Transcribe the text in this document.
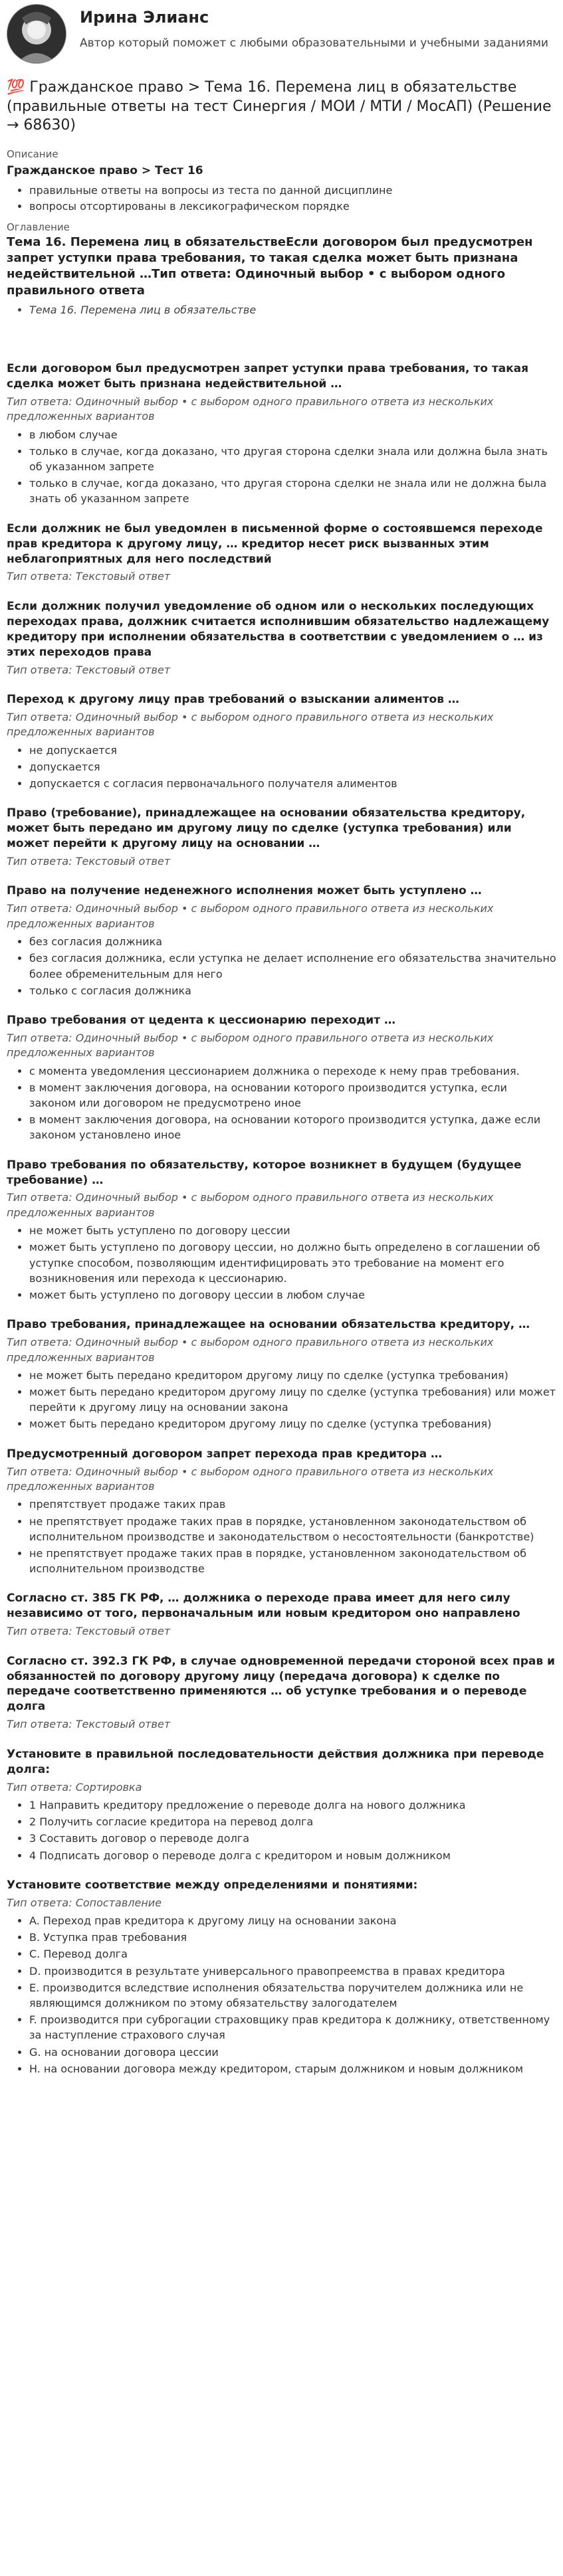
Ирина Элианс
Автор который поможет с любыми образовательными и учебными заданиями
💯 Гражданское право > Тема 16. Перемена лиц в обязательстве (правильные ответы на тест Синергия / МОИ / МТИ / МосАП) (Решение → 68630)

Описание

Гражданское право > Тест 16
• правильные ответы на вопросы из теста по данной дисциплине
• вопросы отсортированы в лексикографическом порядке

Оглавление

Тема 16. Перемена лиц в обязательствеЕсли договором был предусмотрен запрет уступки права требования, то такая сделка может быть признана недействительной …Тип ответа: Одиночный выбор • с выбором одного правильного ответа
• Тема 16. Перемена лиц в обязательстве
Если договором был предусмотрен запрет уступки права требования, то такая сделка может быть признана недействительной …
Тип ответа: Одиночный выбор • с выбором одного правильного ответа из нескольких предложенных вариантов
• в любом случае
• только в случае, когда доказано, что другая сторона сделки знала или должна была знать об указанном запрете
• только в случае, когда доказано, что другая сторона сделки не знала или не должна была знать об указанном запрете
Если должник не был уведомлен в письменной форме о состоявшемся переходе прав кредитора к другому лицу, … кредитор несет риск вызванных этим неблагоприятных для него последствий
Тип ответа: Текстовый ответ
Если должник получил уведомление об одном или о нескольких последующих переходах права, должник считается исполнившим обязательство надлежащему кредитору при исполнении обязательства в соответствии с уведомлением о … из этих переходов права
Тип ответа: Текстовый ответ
Переход к другому лицу прав требований о взыскании алиментов …
Тип ответа: Одиночный выбор • с выбором одного правильного ответа из нескольких предложенных вариантов
• не допускается
• допускается
• допускается с согласия первоначального получателя алиментов
Право (требование), принадлежащее на основании обязательства кредитору, может быть передано им другому лицу по сделке (уступка требования) или может перейти к другому лицу на основании …
Тип ответа: Текстовый ответ
Право на получение неденежного исполнения может быть уступлено …
Тип ответа: Одиночный выбор • с выбором одного правильного ответа из нескольких предложенных вариантов
• без согласия должника
• без согласия должника, если уступка не делает исполнение его обязательства значительно более обременительным для него
• только с согласия должника
Право требования от цедента к цессионарию переходит …
Тип ответа: Одиночный выбор • с выбором одного правильного ответа из нескольких предложенных вариантов
• с момента уведомления цессионарием должника о переходе к нему прав требования.
• в момент заключения договора, на основании которого производится уступка, если законом или договором не предусмотрено иное
• в момент заключения договора, на основании которого производится уступка, даже если законом установлено иное
Право требования по обязательству, которое возникнет в будущем (будущее требование) …
Тип ответа: Одиночный выбор • с выбором одного правильного ответа из нескольких предложенных вариантов
• не может быть уступлено по договору цессии
• может быть уступлено по договору цессии, но должно быть определено в соглашении об уступке способом, позволяющим идентифицировать это требование на момент его возникновения или перехода к цессионарию.
• может быть уступлено по договору цессии в любом случае
Право требования, принадлежащее на основании обязательства кредитору, …
Тип ответа: Одиночный выбор • с выбором одного правильного ответа из нескольких предложенных вариантов
• не может быть передано кредитором другому лицу по сделке (уступка требования)
• может быть передано кредитором другому лицу по сделке (уступка требования) или может перейти к другому лицу на основании закона
• может быть передано кредитором другому лицу по сделке (уступка требования)
Предусмотренный договором запрет перехода прав кредитора …
Тип ответа: Одиночный выбор • с выбором одного правильного ответа из нескольких предложенных вариантов
• препятствует продаже таких прав
• не препятствует продаже таких прав в порядке, установленном законодательством об исполнительном производстве и законодательством о несостоятельности (банкротстве)
• не препятствует продаже таких прав в порядке, установленном законодательством об исполнительном производстве
Согласно ст. 385 ГК РФ, … должника о переходе права имеет для него силу независимо от того, первоначальным или новым кредитором оно направлено
Тип ответа: Текстовый ответ
Согласно ст. 392.3 ГК РФ, в случае одновременной передачи стороной всех прав и обязанностей по договору другому лицу (передача договора) к сделке по передаче соответственно применяются … об уступке требования и о переводе долга
Тип ответа: Текстовый ответ
Установите в правильной последовательности действия должника при переводе долга:
Тип ответа: Сортировка
• 1 Направить кредитору предложение о переводе долга на нового должника
• 2 Получить согласие кредитора на перевод долга
• 3 Составить договор о переводе долга
• 4 Подписать договор о переводе долга с кредитором и новым должником
Установите соответствие между определениями и понятиями:
Тип ответа: Сопоставление
• A. Переход прав кредитора к другому лицу на основании закона
• B. Уступка прав требования
• C. Перевод долга
• D. производится в результате универсального правопреемства в правах кредитора
• E. производится вследствие исполнения обязательства поручителем должника или не являющимся должником по этому обязательству залогодателем
• F. производится при суброгации страховщику прав кредитора к должнику, ответственному за наступление страхового случая
• G. на основании договора цессии
• H. на основании договора между кредитором, старым должником и новым должником
